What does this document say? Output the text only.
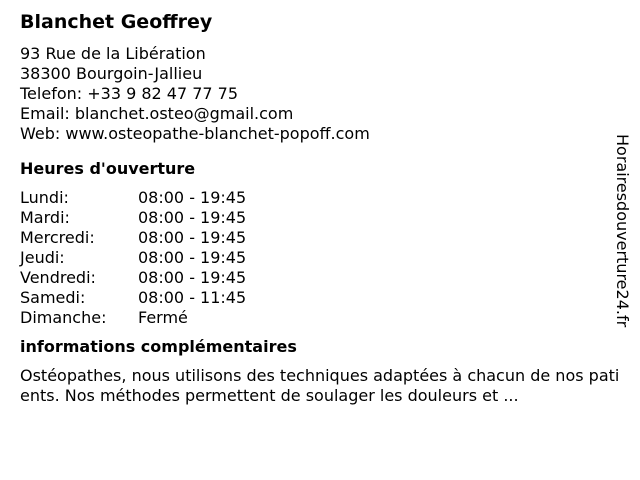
Blanchet Geoffrey
93 Rue de la Libération
38300 Bourgoin-Jallieu
Telefon: +33 9 82 47 77 75
Email: blanchet.osteo@gmail.com
Web: www.osteopathe-blanchet-popoff.com
Heures d'ouverture
Lundi:	08:00 - 19:45
Mardi:	08:00 - 19:45
Mercredi:	08:00 - 19:45
Jeudi:	08:00 - 19:45
Vendredi:	08:00 - 19:45
Samedi:	08:00 - 11:45
Dimanche:	Fermé
informations complémentaires
Ostéopathes, nous utilisons des techniques adaptées à chacun de nos patients. Nos méthodes permettent de soulager les douleurs et ...
Horairesdouverture24.fr
